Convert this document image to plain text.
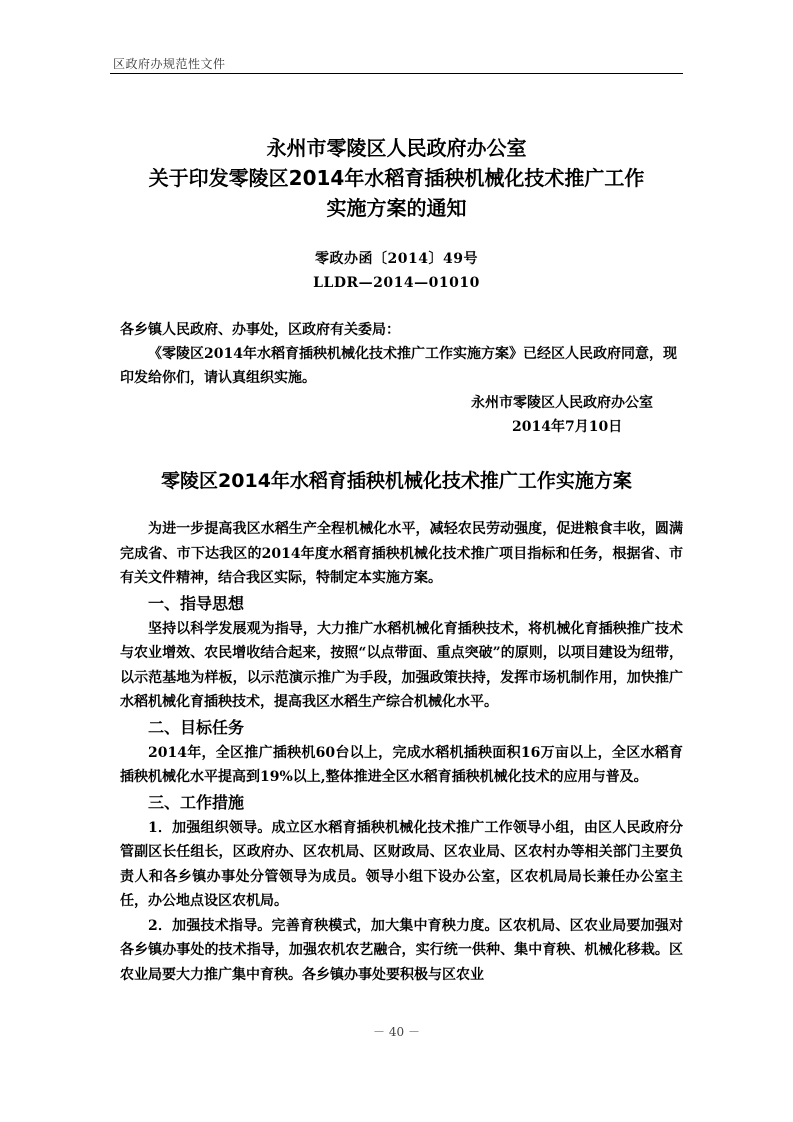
区政府办规范性文件
永州市零陵区人民政府办公室
关于印发零陵区2014年水稻育插秧机械化技术推广工作
实施方案的通知
零政办函〔2014〕49号
LLDR—2014—01010
各乡镇人民政府、办事处，区政府有关委局：
《零陵区2014年水稻育插秧机械化技术推广工作实施方案》已经区人民政府同意，现印发给你们，请认真组织实施。
永州市零陵区人民政府办公室
2014年7月10日
零陵区2014年水稻育插秧机械化技术推广工作实施方案

为进一步提高我区水稻生产全程机械化水平，减轻农民劳动强度，促进粮食丰收，圆满完成省、市下达我区的2014年度水稻育插秧机械化技术推广项目指标和任务，根据省、市有关文件精神，结合我区实际，特制定本实施方案。

一、指导思想

坚持以科学发展观为指导，大力推广水稻机械化育插秧技术，将机械化育插秧推广技术与农业增效、农民增收结合起来，按照“以点带面、重点突破”的原则，以项目建设为纽带，以示范基地为样板，以示范演示推广为手段，加强政策扶持，发挥市场机制作用，加快推广水稻机械化育插秧技术，提高我区水稻生产综合机械化水平。

二、目标任务

2014年，全区推广插秧机60台以上，完成水稻机插秧面积16万亩以上，全区水稻育插秧机械化水平提高到19%以上,整体推进全区水稻育插秧机械化技术的应用与普及。

三、工作措施

1．加强组织领导。成立区水稻育插秧机械化技术推广工作领导小组，由区人民政府分管副区长任组长，区政府办、区农机局、区财政局、区农业局、区农村办等相关部门主要负责人和各乡镇办事处分管领导为成员。领导小组下设办公室，区农机局局长兼任办公室主任，办公地点设区农机局。

2．加强技术指导。完善育秧模式，加大集中育秧力度。区农机局、区农业局要加强对各乡镇办事处的技术指导，加强农机农艺融合，实行统一供种、集中育秧、机械化移栽。区农业局要大力推广集中育秧。各乡镇办事处要积极与区农业

－ 40 －
